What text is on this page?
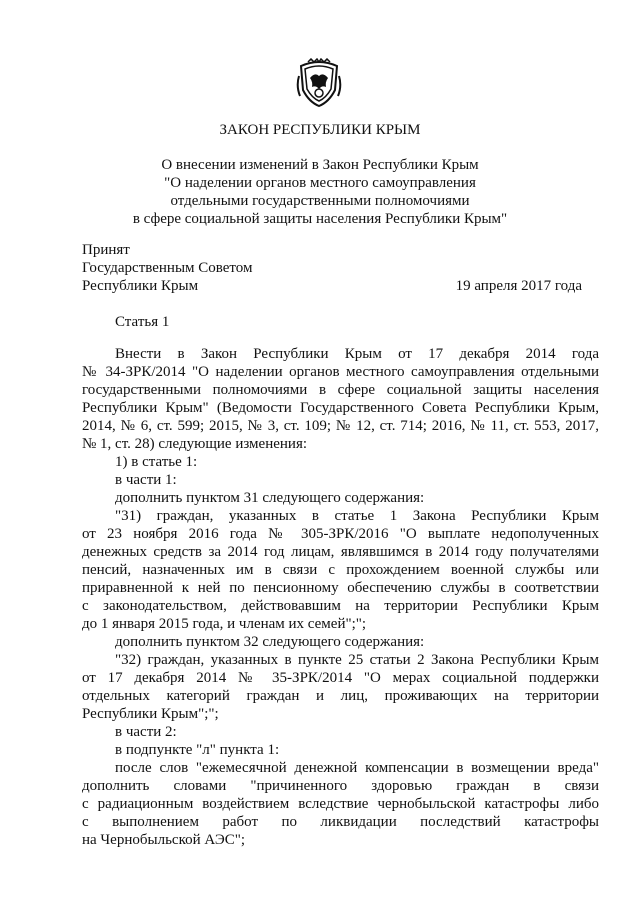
ЗАКОН РЕСПУБЛИКИ КРЫМ
О внесении изменений в Закон Республики Крым
"О наделении органов местного самоуправления
отдельными государственными полномочиями
в сфере социальной защиты населения Республики Крым"
Принят
Государственным Советом
Республики Крым	19 апреля 2017 года
Статья 1
Внести в Закон Республики Крым от 17 декабря 2014 года
№ 34-ЗРК/2014 "О наделении органов местного самоуправления отдельными
государственными полномочиями в сфере социальной защиты населения
Республики Крым" (Ведомости Государственного Совета Республики Крым,
2014, № 6, ст. 599; 2015, № 3, ст. 109; № 12, ст. 714; 2016, № 11, ст. 553, 2017,
№ 1, ст. 28) следующие изменения:
1) в статье 1:
в части 1:
дополнить пунктом 31 следующего содержания:
"31) граждан, указанных в статье 1 Закона Республики Крым
от 23 ноября 2016 года № 305-ЗРК/2016 "О выплате недополученных
денежных средств за 2014 год лицам, являвшимся в 2014 году получателями
пенсий, назначенных им в связи с прохождением военной службы или
приравненной к ней по пенсионному обеспечению службы в соответствии
с законодательством, действовавшим на территории Республики Крым
до 1 января 2015 года, и членам их семей";";
дополнить пунктом 32 следующего содержания:
"32) граждан, указанных в пункте 25 статьи 2 Закона Республики Крым
от 17 декабря 2014 № 35-ЗРК/2014 "О мерах социальной поддержки
отдельных категорий граждан и лиц, проживающих на территории
Республики Крым";";
в части 2:
в подпункте "л" пункта 1:
после слов "ежемесячной денежной компенсации в возмещении вреда"
дополнить словами "причиненного здоровью граждан в связи
с радиационным воздействием вследствие чернобыльской катастрофы либо
с выполнением работ по ликвидации последствий катастрофы
на Чернобыльской АЭС";
